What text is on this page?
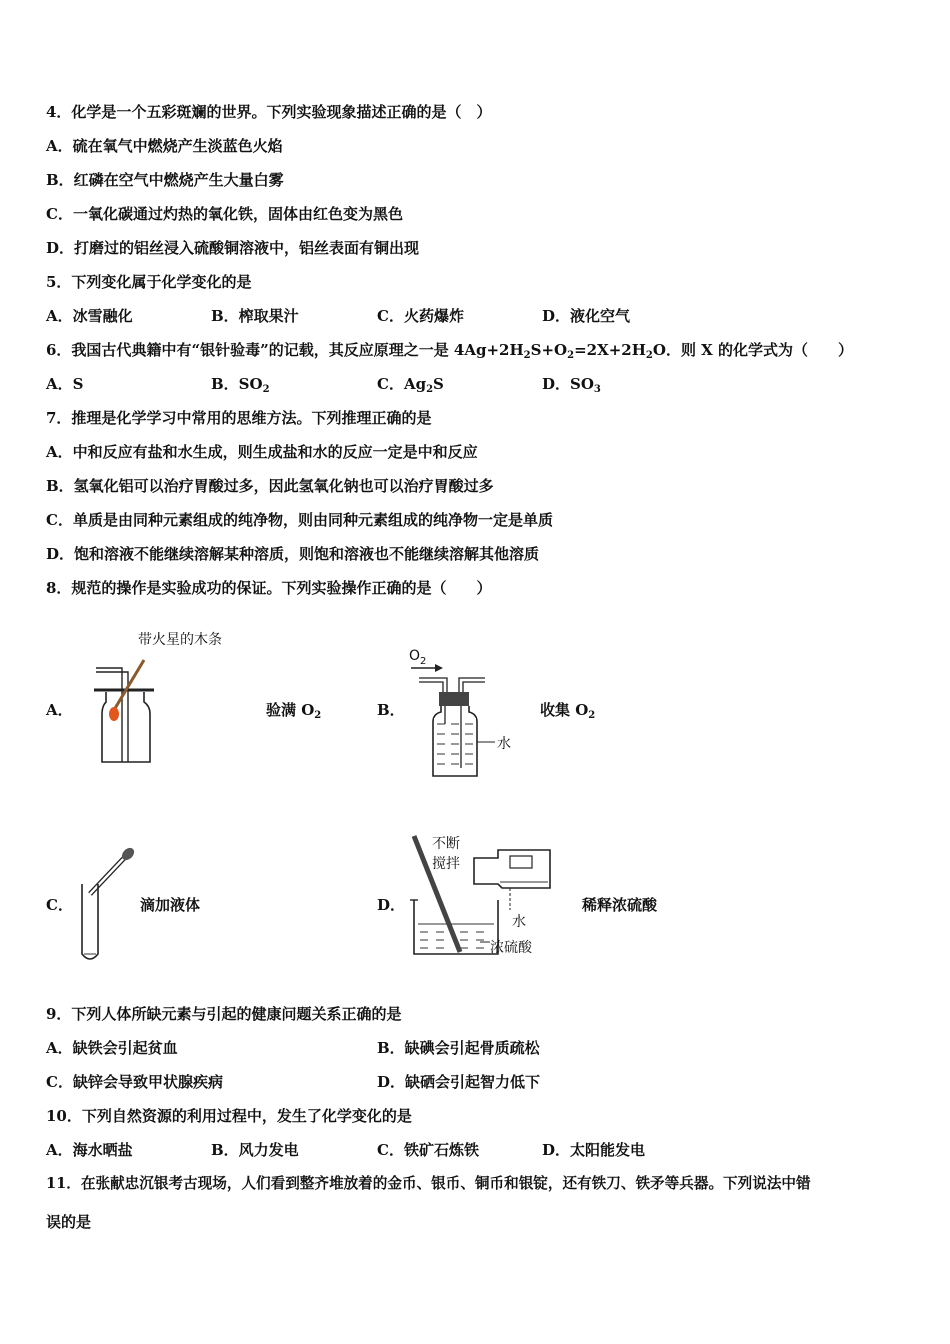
4．化学是一个五彩斑斓的世界。下列实验现象描述正确的是（　）
A．硫在氧气中燃烧产生淡蓝色火焰
B．红磷在空气中燃烧产生大量白雾
C．一氧化碳通过灼热的氧化铁，固体由红色变为黑色
D．打磨过的铝丝浸入硫酸铜溶液中，铝丝表面有铜出现
5．下列变化属于化学变化的是
A．冰雪融化	B．榨取果汁	C．火药爆炸	D．液化空气
6．我国古代典籍中有“银针验毒”的记载，其反应原理之一是 $4Ag+2H_2S+O_2=2X+2H_2O$．则 X 的化学式为（　　）
A．S	B．$SO_2$	C．$Ag_2S$	D．$SO_3$
7．推理是化学学习中常用的思维方法。下列推理正确的是
A．中和反应有盐和水生成，则生成盐和水的反应一定是中和反应
B．氢氧化铝可以治疗胃酸过多，因此氢氧化钠也可以治疗胃酸过多
C．单质是由同种元素组成的纯净物，则由同种元素组成的纯净物一定是单质
D．饱和溶液不能继续溶解某种溶质，则饱和溶液也不能继续溶解其他溶质
8．规范的操作是实验成功的保证。下列实验操作正确的是（　　）
A．
带火星的木条
验满 $O_2$	B．
$O_2$
水
收集 $O_2$
C．	滴加液体	D．
不断
搅拌
水
浓硫酸
稀释浓硫酸
9．下列人体所缺元素与引起的健康问题关系正确的是
A．缺铁会引起贫血	B．缺碘会引起骨质疏松
C．缺锌会导致甲状腺疾病	D．缺硒会引起智力低下
10．下列自然资源的利用过程中，发生了化学变化的是
A．海水晒盐	B．风力发电	C．铁矿石炼铁	D．太阳能发电
11．在张献忠沉银考古现场，人们看到整齐堆放着的金币、银币、铜币和银锭，还有铁刀、铁矛等兵器。下列说法中错
误的是
